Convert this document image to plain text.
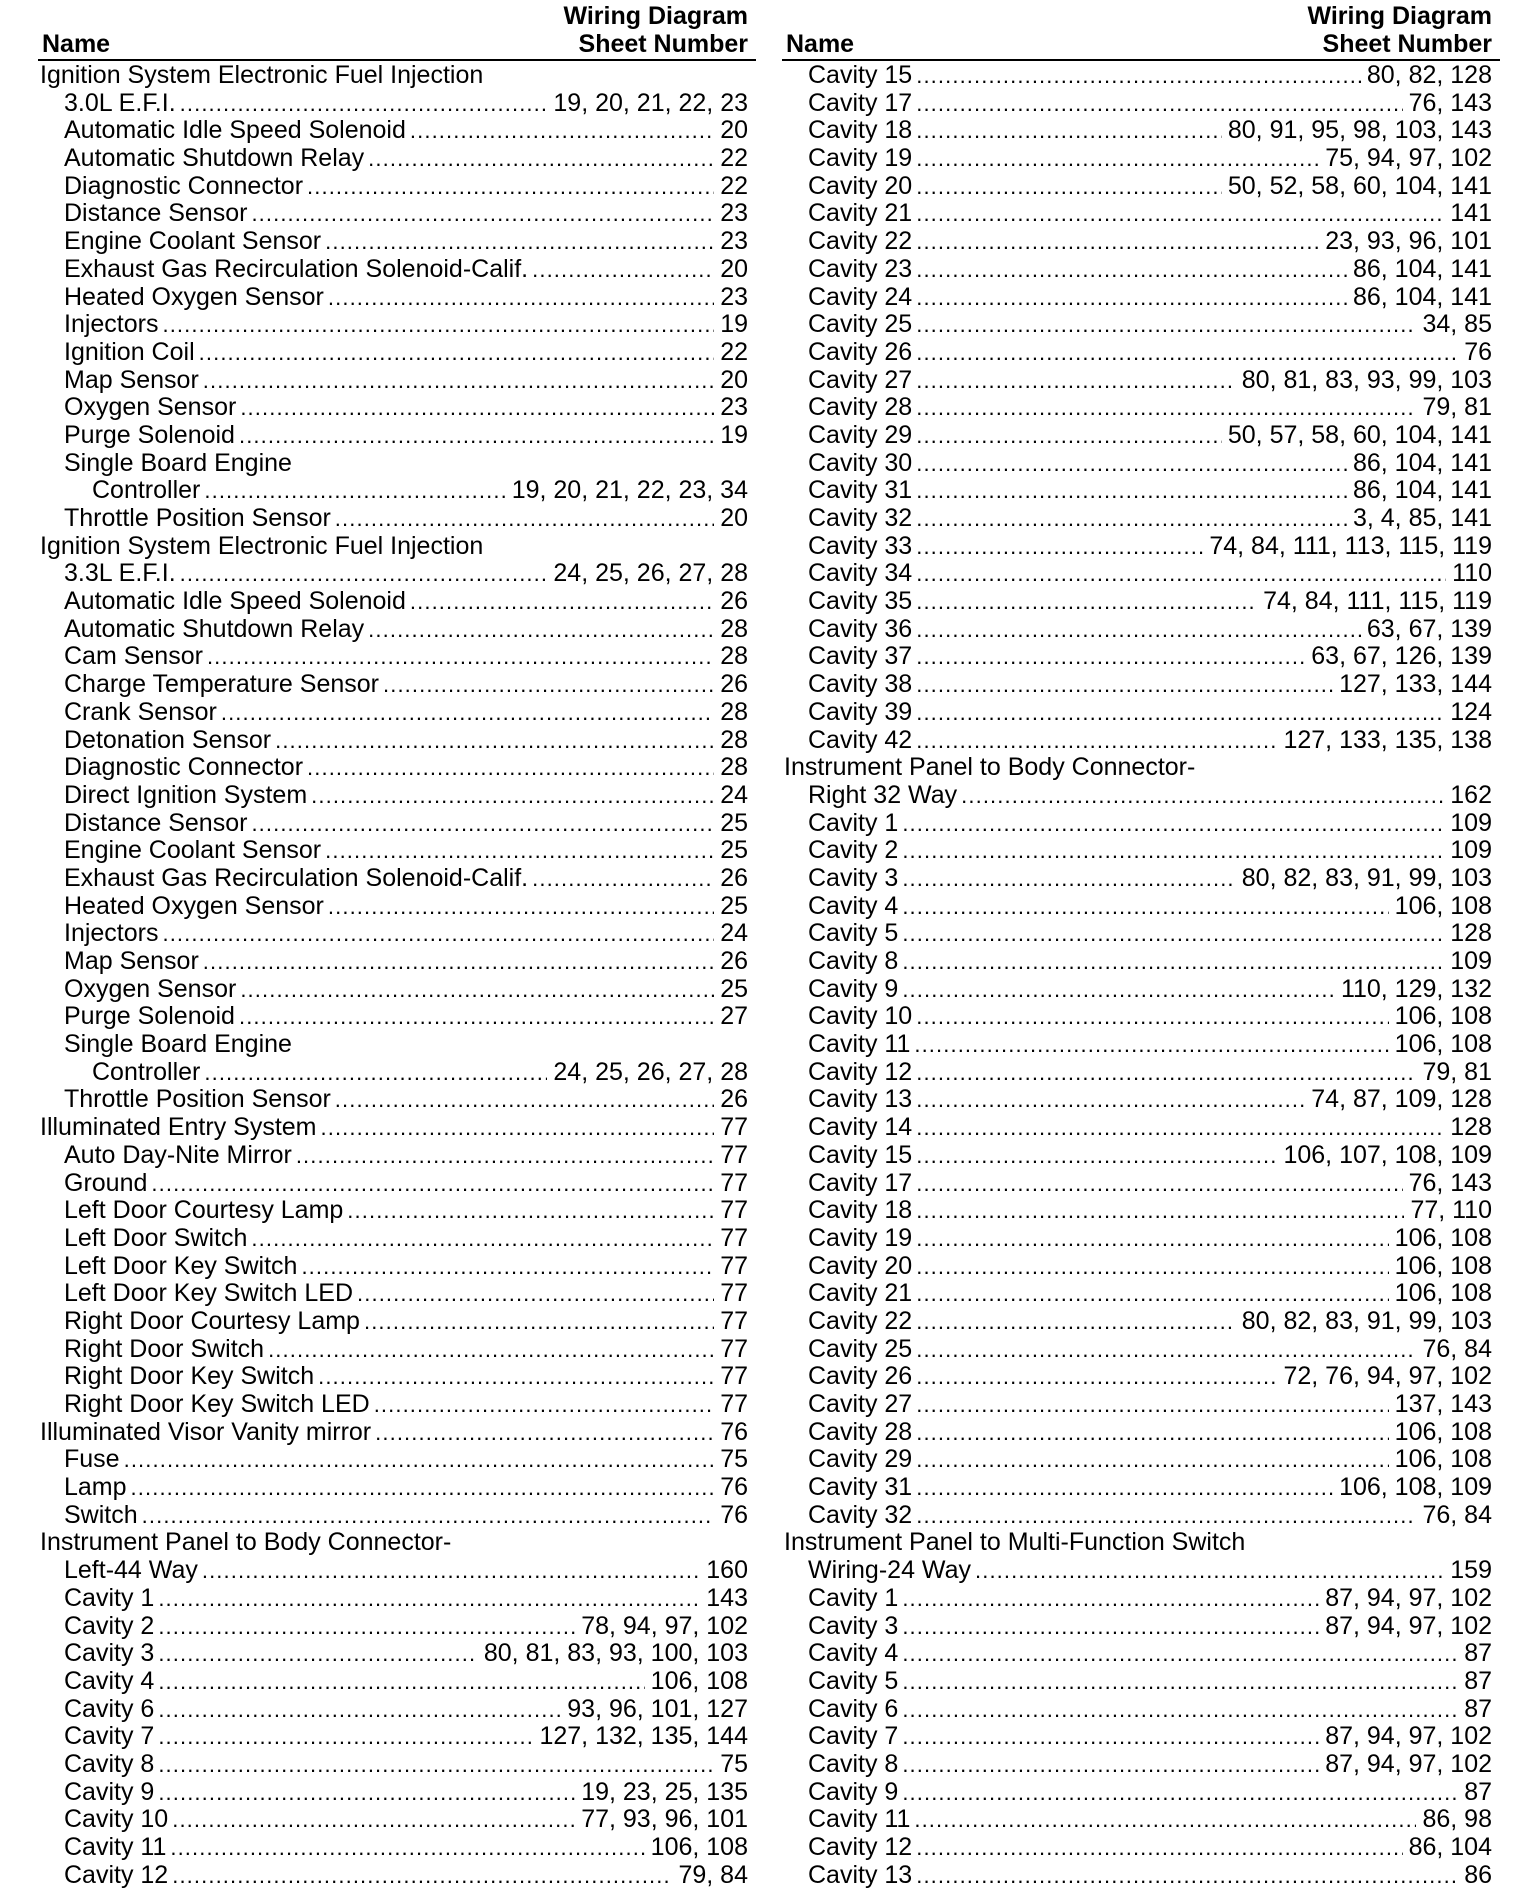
Name
Wiring Diagram
Sheet Number
Ignition System Electronic Fuel Injection
3.0L E.F.I. . . .	19, 20, 21, 22, 23
Automatic Idle Speed Solenoid . . .	20
Automatic Shutdown Relay . . .	22
Diagnostic Connector . . .	22
Distance Sensor . . .	23
Engine Coolant Sensor . . .	23
Exhaust Gas Recirculation Solenoid-Calif. . . .	20
Heated Oxygen Sensor . . .	23
Injectors . . .	19
Ignition Coil . . .	22
Map Sensor . . .	20
Oxygen Sensor . . .	23
Purge Solenoid . . .	19
Single Board Engine
Controller . . .	19, 20, 21, 22, 23, 34
Throttle Position Sensor . . .	20
Ignition System Electronic Fuel Injection
3.3L E.F.I. . . .	24, 25, 26, 27, 28
Automatic Idle Speed Solenoid . . .	26
Automatic Shutdown Relay . . .	28
Cam Sensor . . .	28
Charge Temperature Sensor . . .	26
Crank Sensor . . .	28
Detonation Sensor . . .	28
Diagnostic Connector . . .	28
Direct Ignition System . . .	24
Distance Sensor . . .	25
Engine Coolant Sensor . . .	25
Exhaust Gas Recirculation Solenoid-Calif. . . .	26
Heated Oxygen Sensor . . .	25
Injectors . . .	24
Map Sensor . . .	26
Oxygen Sensor . . .	25
Purge Solenoid . . .	27
Single Board Engine
Controller . . .	24, 25, 26, 27, 28
Throttle Position Sensor . . .	26
Illuminated Entry System . . .	77
Auto Day-Nite Mirror . . .	77
Ground . . .	77
Left Door Courtesy Lamp . . .	77
Left Door Switch . . .	77
Left Door Key Switch . . .	77
Left Door Key Switch LED . . .	77
Right Door Courtesy Lamp . . .	77
Right Door Switch . . .	77
Right Door Key Switch . . .	77
Right Door Key Switch LED . . .	77
Illuminated Visor Vanity mirror . . .	76
Fuse . . .	75
Lamp . . .	76
Switch . . .	76
Instrument Panel to Body Connector-
Left-44 Way . . .	160
Cavity 1 . . .	143
Cavity 2 . . .	78, 94, 97, 102
Cavity 3 . . .	80, 81, 83, 93, 100, 103
Cavity 4 . . .	106, 108
Cavity 6 . . .	93, 96, 101, 127
Cavity 7 . . .	127, 132, 135, 144
Cavity 8 . . .	75
Cavity 9 . . .	19, 23, 25, 135
Cavity 10 . . .	77, 93, 96, 101
Cavity 11 . . .	106, 108
Cavity 12 . . .	79, 84
Name
Wiring Diagram
Sheet Number
Cavity 15 . . .	80, 82, 128
Cavity 17 . . .	76, 143
Cavity 18 . . .	80, 91, 95, 98, 103, 143
Cavity 19 . . .	75, 94, 97, 102
Cavity 20 . . .	50, 52, 58, 60, 104, 141
Cavity 21 . . .	141
Cavity 22 . . .	23, 93, 96, 101
Cavity 23 . . .	86, 104, 141
Cavity 24 . . .	86, 104, 141
Cavity 25 . . .	34, 85
Cavity 26 . . .	76
Cavity 27 . . .	80, 81, 83, 93, 99, 103
Cavity 28 . . .	79, 81
Cavity 29 . . .	50, 57, 58, 60, 104, 141
Cavity 30 . . .	86, 104, 141
Cavity 31 . . .	86, 104, 141
Cavity 32 . . .	3, 4, 85, 141
Cavity 33 . . .	74, 84, 111, 113, 115, 119
Cavity 34 . . .	110
Cavity 35 . . .	74, 84, 111, 115, 119
Cavity 36 . . .	63, 67, 139
Cavity 37 . . .	63, 67, 126, 139
Cavity 38 . . .	127, 133, 144
Cavity 39 . . .	124
Cavity 42 . . .	127, 133, 135, 138
Instrument Panel to Body Connector-
Right 32 Way . . .	162
Cavity 1 . . .	109
Cavity 2 . . .	109
Cavity 3 . . .	80, 82, 83, 91, 99, 103
Cavity 4 . . .	106, 108
Cavity 5 . . .	128
Cavity 8 . . .	109
Cavity 9 . . .	110, 129, 132
Cavity 10 . . .	106, 108
Cavity 11 . . .	106, 108
Cavity 12 . . .	79, 81
Cavity 13 . . .	74, 87, 109, 128
Cavity 14 . . .	128
Cavity 15 . . .	106, 107, 108, 109
Cavity 17 . . .	76, 143
Cavity 18 . . .	77, 110
Cavity 19 . . .	106, 108
Cavity 20 . . .	106, 108
Cavity 21 . . .	106, 108
Cavity 22 . . .	80, 82, 83, 91, 99, 103
Cavity 25 . . .	76, 84
Cavity 26 . . .	72, 76, 94, 97, 102
Cavity 27 . . .	137, 143
Cavity 28 . . .	106, 108
Cavity 29 . . .	106, 108
Cavity 31 . . .	106, 108, 109
Cavity 32 . . .	76, 84
Instrument Panel to Multi-Function Switch
Wiring-24 Way . . .	159
Cavity 1 . . .	87, 94, 97, 102
Cavity 3 . . .	87, 94, 97, 102
Cavity 4 . . .	87
Cavity 5 . . .	87
Cavity 6 . . .	87
Cavity 7 . . .	87, 94, 97, 102
Cavity 8 . . .	87, 94, 97, 102
Cavity 9 . . .	87
Cavity 11 . . .	86, 98
Cavity 12 . . .	86, 104
Cavity 13 . . .	86
